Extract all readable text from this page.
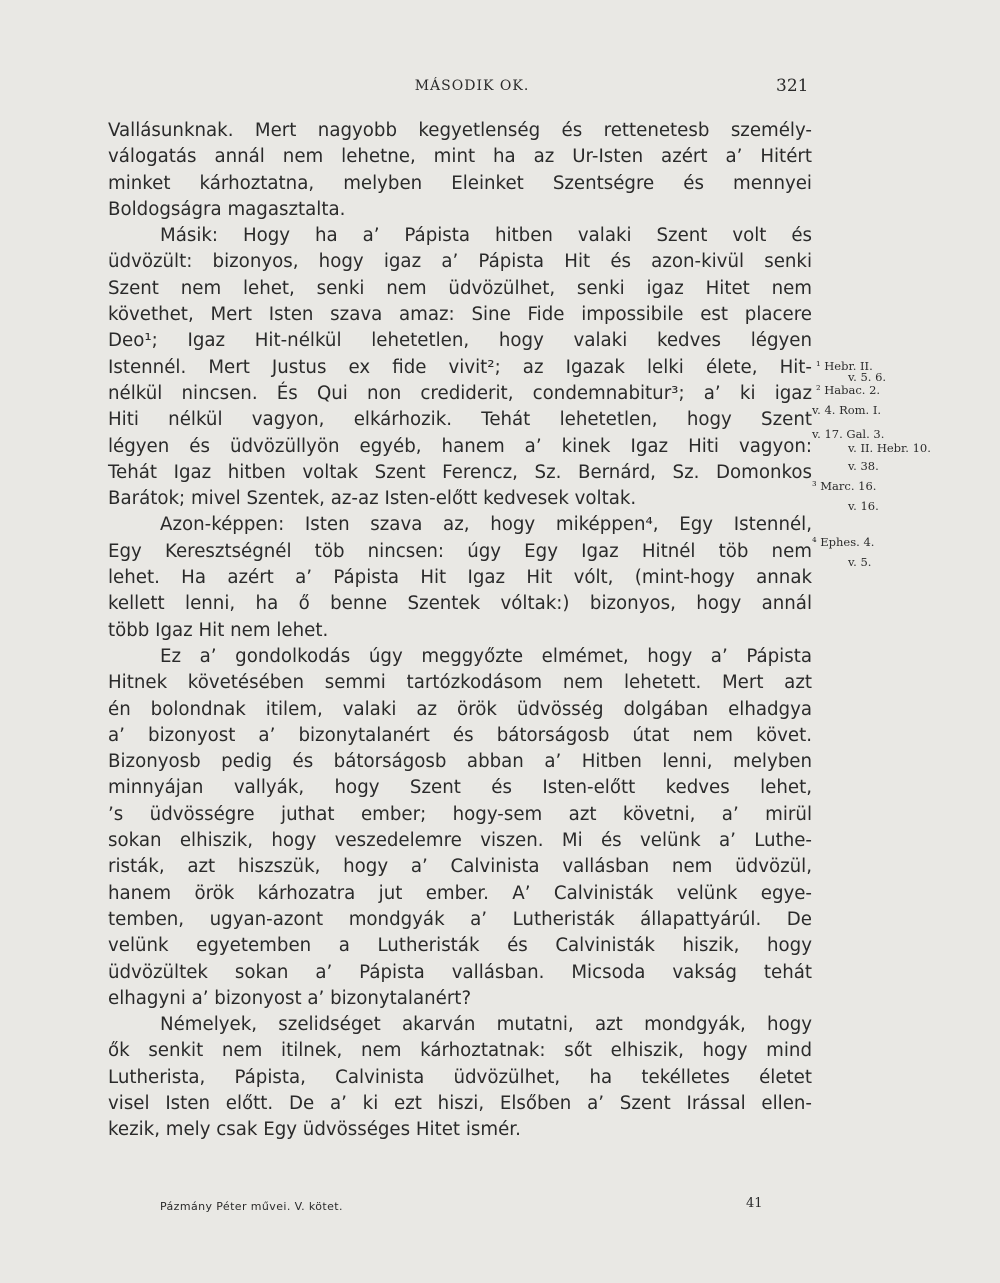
MÁSODIK OK.	321
Vallásunknak. Mert nagyobb kegyetlenség és rettenetesb személy-
válogatás annál nem lehetne, mint ha az Ur-Isten azért a’ Hitért
minket kárhoztatna, melyben Eleinket Szentségre és mennyei
Boldogságra magasztalta.
Másik: Hogy ha a’ Pápista hitben valaki Szent volt és
üdvözült: bizonyos, hogy igaz a’ Pápista Hit és azon-kivül senki
Szent nem lehet, senki nem üdvözülhet, senki igaz Hitet nem
követhet, Mert Isten szava amaz: Sine Fide impossibile est placere
Deo¹; Igaz Hit-nélkül lehetetlen, hogy valaki kedves légyen
Istennél. Mert Justus ex fide vivit²; az Igazak lelki élete, Hit-
nélkül nincsen. És Qui non crediderit, condemnabitur³; a’ ki igaz
Hiti nélkül vagyon, elkárhozik. Tehát lehetetlen, hogy Szent
légyen és üdvözüllyön egyéb, hanem a’ kinek Igaz Hiti vagyon:
Tehát Igaz hitben voltak Szent Ferencz, Sz. Bernárd, Sz. Domonkos
Barátok; mivel Szentek, az-az Isten-előtt kedvesek voltak.
Azon-képpen: Isten szava az, hogy miképpen⁴, Egy Istennél,
Egy Keresztségnél töb nincsen: úgy Egy Igaz Hitnél töb nem
lehet. Ha azért a’ Pápista Hit Igaz Hit vólt, (mint-hogy annak
kellett lenni, ha ő benne Szentek vóltak:) bizonyos, hogy annál
több Igaz Hit nem lehet.
Ez a’ gondolkodás úgy meggyőzte elmémet, hogy a’ Pápista
Hitnek követésében semmi tartózkodásom nem lehetett. Mert azt
én bolondnak itilem, valaki az örök üdvösség dolgában elhadgya
a’ bizonyost a’ bizonytalanért és bátorságosb útat nem követ.
Bizonyosb pedig és bátorságosb abban a’ Hitben lenni, melyben
minnyájan vallyák, hogy Szent és Isten-előtt kedves lehet,
’s üdvösségre juthat ember; hogy-sem azt követni, a’ mirül
sokan elhiszik, hogy veszedelemre viszen. Mi és velünk a’ Luthe-
risták, azt hiszszük, hogy a’ Calvinista vallásban nem üdvözül,
hanem örök kárhozatra jut ember. A’ Calvinisták velünk egye-
temben, ugyan-azont mondgyák a’ Lutheristák állapattyárúl. De
velünk egyetemben a Lutheristák és Calvinisták hiszik, hogy
üdvözültek sokan a’ Pápista vallásban. Micsoda vakság tehát
elhagyni a’ bizonyost a’ bizonytalanért?
Némelyek, szelidséget akarván mutatni, azt mondgyák, hogy
ők senkit nem itilnek, nem kárhoztatnak: sőt elhiszik, hogy mind
Lutherista, Pápista, Calvinista üdvözülhet, ha tekélletes életet
visel Isten előtt. De a’ ki ezt hiszi, Elsőben a’ Szent Irással ellen-
kezik, mely csak Egy üdvösséges Hitet ismér.
¹ Hebr. II.
v. 5. 6.
² Habac. 2.
v. 4. Rom. I.
v. 17. Gal. 3.
v. II. Hebr. 10.
v. 38.
³ Marc. 16.
v. 16.
⁴ Ephes. 4.
v. 5.
Pázmány Péter művei. V. kötet.	41
